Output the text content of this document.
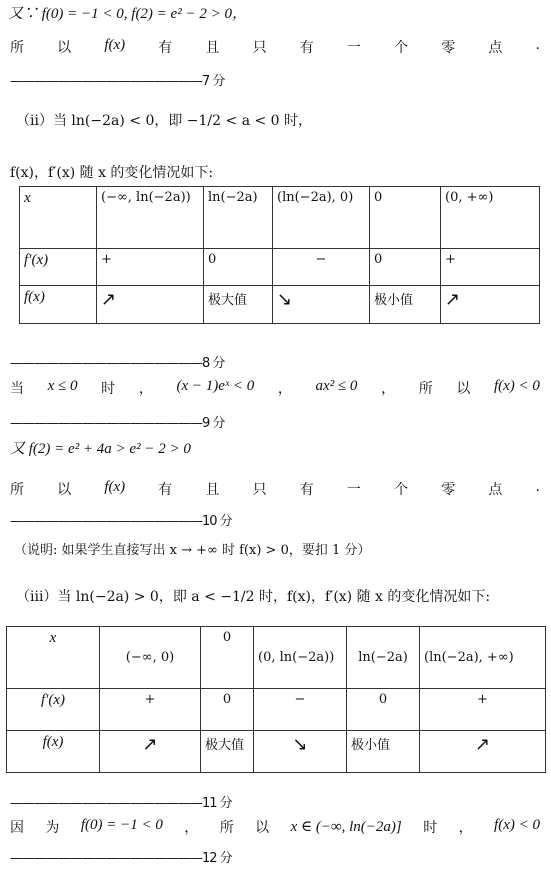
又∵ f(0) = −1 < 0, f(2) = e² − 2 > 0，
所 以 f(x) 有 且 只 有 一 个 零 点 .
————————————————7 分
（ii）当 ln(−2a) < 0，即 −1/2 < a < 0 时，
f(x)，f′(x) 随 x 的变化情况如下:
x	(−∞, ln(−2a))	ln(−2a)	(ln(−2a), 0)	0	(0, +∞)
f′(x)	+	0	−	0	+
f(x)	↗	极大值	↘	极小值	↗
————————————————8 分
当 x ≤ 0 时 ， (x − 1)eˣ < 0 ， ax² ≤ 0 ， 所 以 f(x) < 0
————————————————9 分
又 f(2) = e² + 4a > e² − 2 > 0
所 以 f(x) 有 且 只 有 一 个 零 点 .
————————————————10 分
（说明: 如果学生直接写出 x → +∞ 时 f(x) > 0，要扣 1 分）
（iii）当 ln(−2a) > 0，即 a < −1/2 时，f(x)，f′(x) 随 x 的变化情况如下:
x	(−∞, 0)	0	(0, ln(−2a))	ln(−2a)	(ln(−2a), +∞)
f′(x)	+	0	−	0	+
f(x)	↗	极大值	↘	极小值	↗
————————————————11 分
因 为 f(0) = −1 < 0 ， 所 以 x ∈ (−∞, ln(−2a)] 时 ， f(x) < 0
————————————————12 分
